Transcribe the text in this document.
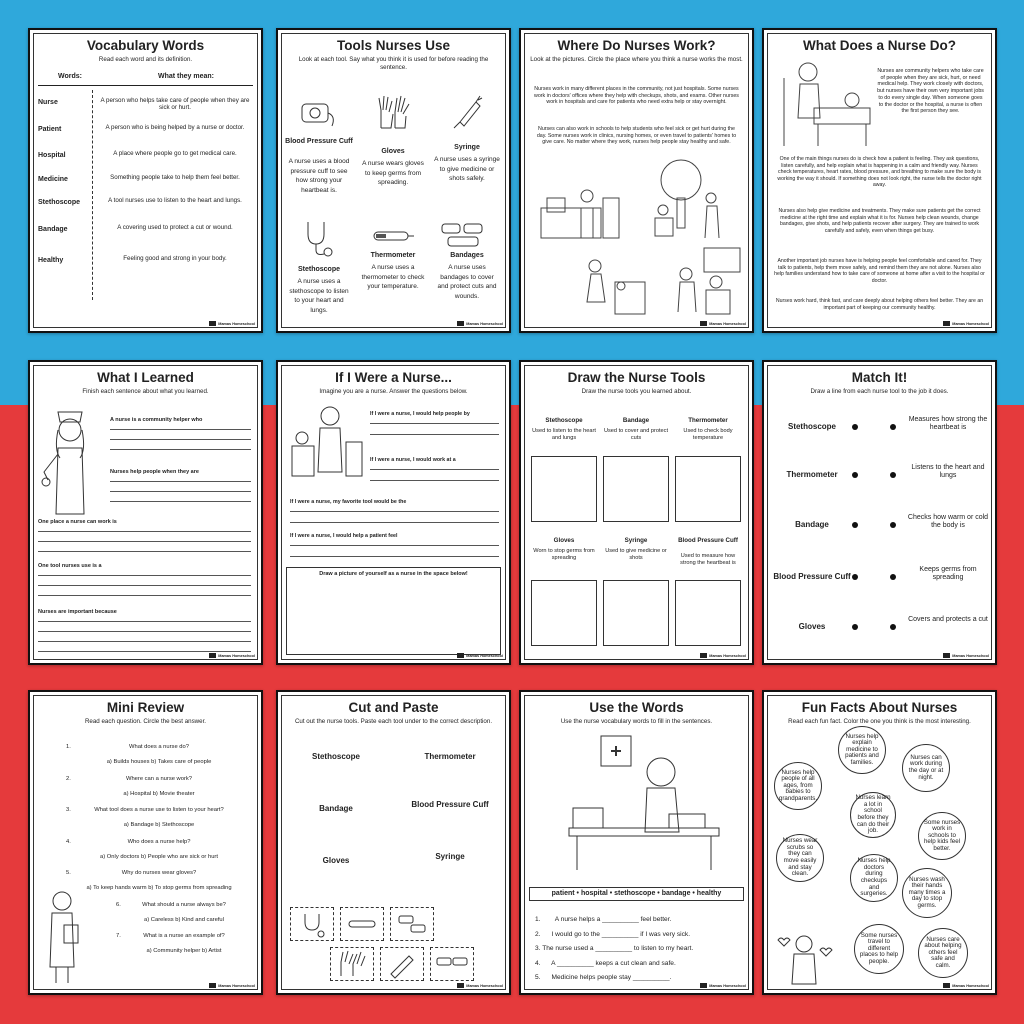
Vocabulary Words
Read each word and its definition.
Words:	What they mean:
Nurse	A person who helps take care of people when they are sick or hurt.
Patient	A person who is being helped by a nurse or doctor.
Hospital	A place where people go to get medical care.
Medicine	Something people take to help them feel better.
Stethoscope	A tool nurses use to listen to the heart and lungs.
Bandage	A covering used to protect a cut or wound.
Healthy	Feeling good and strong in your body.
Mamas Homeschool
Tools Nurses Use
Look at each tool. Say what you think it is used for before reading the sentence.
Blood Pressure Cuff
A nurse uses a blood pressure cuff to see how strong your heartbeat is.
Gloves
A nurse wears gloves to keep germs from spreading.
Syringe
A nurse uses a syringe to give medicine or shots safely.
Stethoscope
A nurse uses a stethoscope to listen to your heart and lungs.
Thermometer
A nurse uses a thermometer to check your temperature.
Bandages
A nurse uses bandages to cover and protect cuts and wounds.
Mamas Homeschool
Where Do Nurses Work?
Look at the pictures. Circle the place where you think a nurse works the most.
Nurses work in many different places in the community, not just hospitals. Some nurses work in doctors' offices where they help with checkups, shots, and exams. Other nurses work in hospitals and care for patients who need extra help or stay overnight.
Nurses can also work in schools to help students who feel sick or get hurt during the day. Some nurses work in clinics, nursing homes, or even travel to patients' homes to give care. No matter where they work, nurses help people stay healthy and safe.
Mamas Homeschool
What Does a Nurse Do?
Nurses are community helpers who take care of people when they are sick, hurt, or need medical help. They work closely with doctors, but nurses have their own very important jobs to do every single day. When someone goes to the doctor or the hospital, a nurse is often the first person they see.
One of the main things nurses do is check how a patient is feeling. They ask questions, listen carefully, and help explain what is happening in a calm and friendly way. Nurses check temperatures, heart rates, blood pressure, and breathing to make sure the body is working the way it should. If something does not look right, the nurse tells the doctor right away.
Nurses also help give medicine and treatments. They make sure patients get the correct medicine at the right time and explain what it is for. Nurses help clean wounds, change bandages, give shots, and help patients recover after surgery. They are trained to work carefully and safely, even when things get busy.
Another important job nurses have is helping people feel comfortable and cared for. They talk to patients, help them move safely, and remind them they are not alone. Nurses also help families understand how to take care of someone at home after a visit to the hospital or doctor.
Nurses work hard, think fast, and care deeply about helping others feel better. They are an important part of keeping our community healthy.
Mamas Homeschool
What I Learned
Finish each sentence about what you learned.
A nurse is a community helper who
Nurses help people when they are
One place a nurse can work is
One tool nurses use is a
Nurses are important because
Mamas Homeschool
If I Were a Nurse...
Imagine you are a nurse. Answer the questions below.
If I were a nurse, I would help people by
If I were a nurse, I would work at a
If I were a nurse, my favorite tool would be the
If I were a nurse, I would help a patient feel
Draw a picture of yourself as a nurse in the space below!
Mamas Homeschool
Draw the Nurse Tools
Draw the nurse tools you learned about.
Stethoscope
Used to listen to the heart and lungs
Bandage
Used to cover and protect cuts
Thermometer
Used to check body temperature
Gloves
Worn to stop germs from spreading
Syringe
Used to give medicine or shots
Blood Pressure Cuff
Used to measure how strong the heartbeat is
Mamas Homeschool
Match It!
Draw a line from each nurse tool to the job it does.
Stethoscope
Measures how strong the heartbeat is
Thermometer
Listens to the heart and lungs
Bandage
Checks how warm or cold the body is
Blood Pressure Cuff
Keeps germs from spreading
Gloves
Covers and protects a cut
Mamas Homeschool
Mini Review
Read each question. Circle the best answer.
1.	What does a nurse do?
a) Builds houses b) Takes care of people
2.	Where can a nurse work?
a) Hospital b) Movie theater
3.	What tool does a nurse use to listen to your heart?
a) Bandage b) Stethoscope
4.	Who does a nurse help?
a) Only doctors b) People who are sick or hurt
5.	Why do nurses wear gloves?
a) To keep hands warm b) To stop germs from spreading
6.	What should a nurse always be?
a) Careless b) Kind and careful
7.	What is a nurse an example of?
a) Community helper b) Artist
Mamas Homeschool
Cut and Paste
Cut out the nurse tools. Paste each tool under to the correct description.
Stethoscope	Thermometer
Bandage	Blood Pressure Cuff
Gloves	Syringe
Mamas Homeschool
Use the Words
Use the nurse vocabulary words to fill in the sentences.
patient • hospital • stethoscope • bandage • healthy
1.        A nurse helps a __________ feel better.
2.      I would go to the __________ if I was very sick.
3. The nurse used a __________ to listen to my heart.
4.      A __________ keeps a cut clean and safe.
5.      Medicine helps people stay __________.
Mamas Homeschool
Fun Facts About Nurses
Read each fun fact. Color the one you think is the most interesting.
Nurses help explain medicine to patients and families.
Nurses can work during the day or at night.
Nurses help people of all ages, from babies to grandparents.	Nurses learn a lot in school before they can do their job.
Some nurses work in schools to help kids feel better.
Nurses wear scrubs so they can move easily and stay clean.
Nurses help doctors during checkups and surgeries.
Nurses wash their hands many times a day to stop germs.
Some nurses travel to different places to help people.
Nurses care about helping others feel safe and calm.
Mamas Homeschool
